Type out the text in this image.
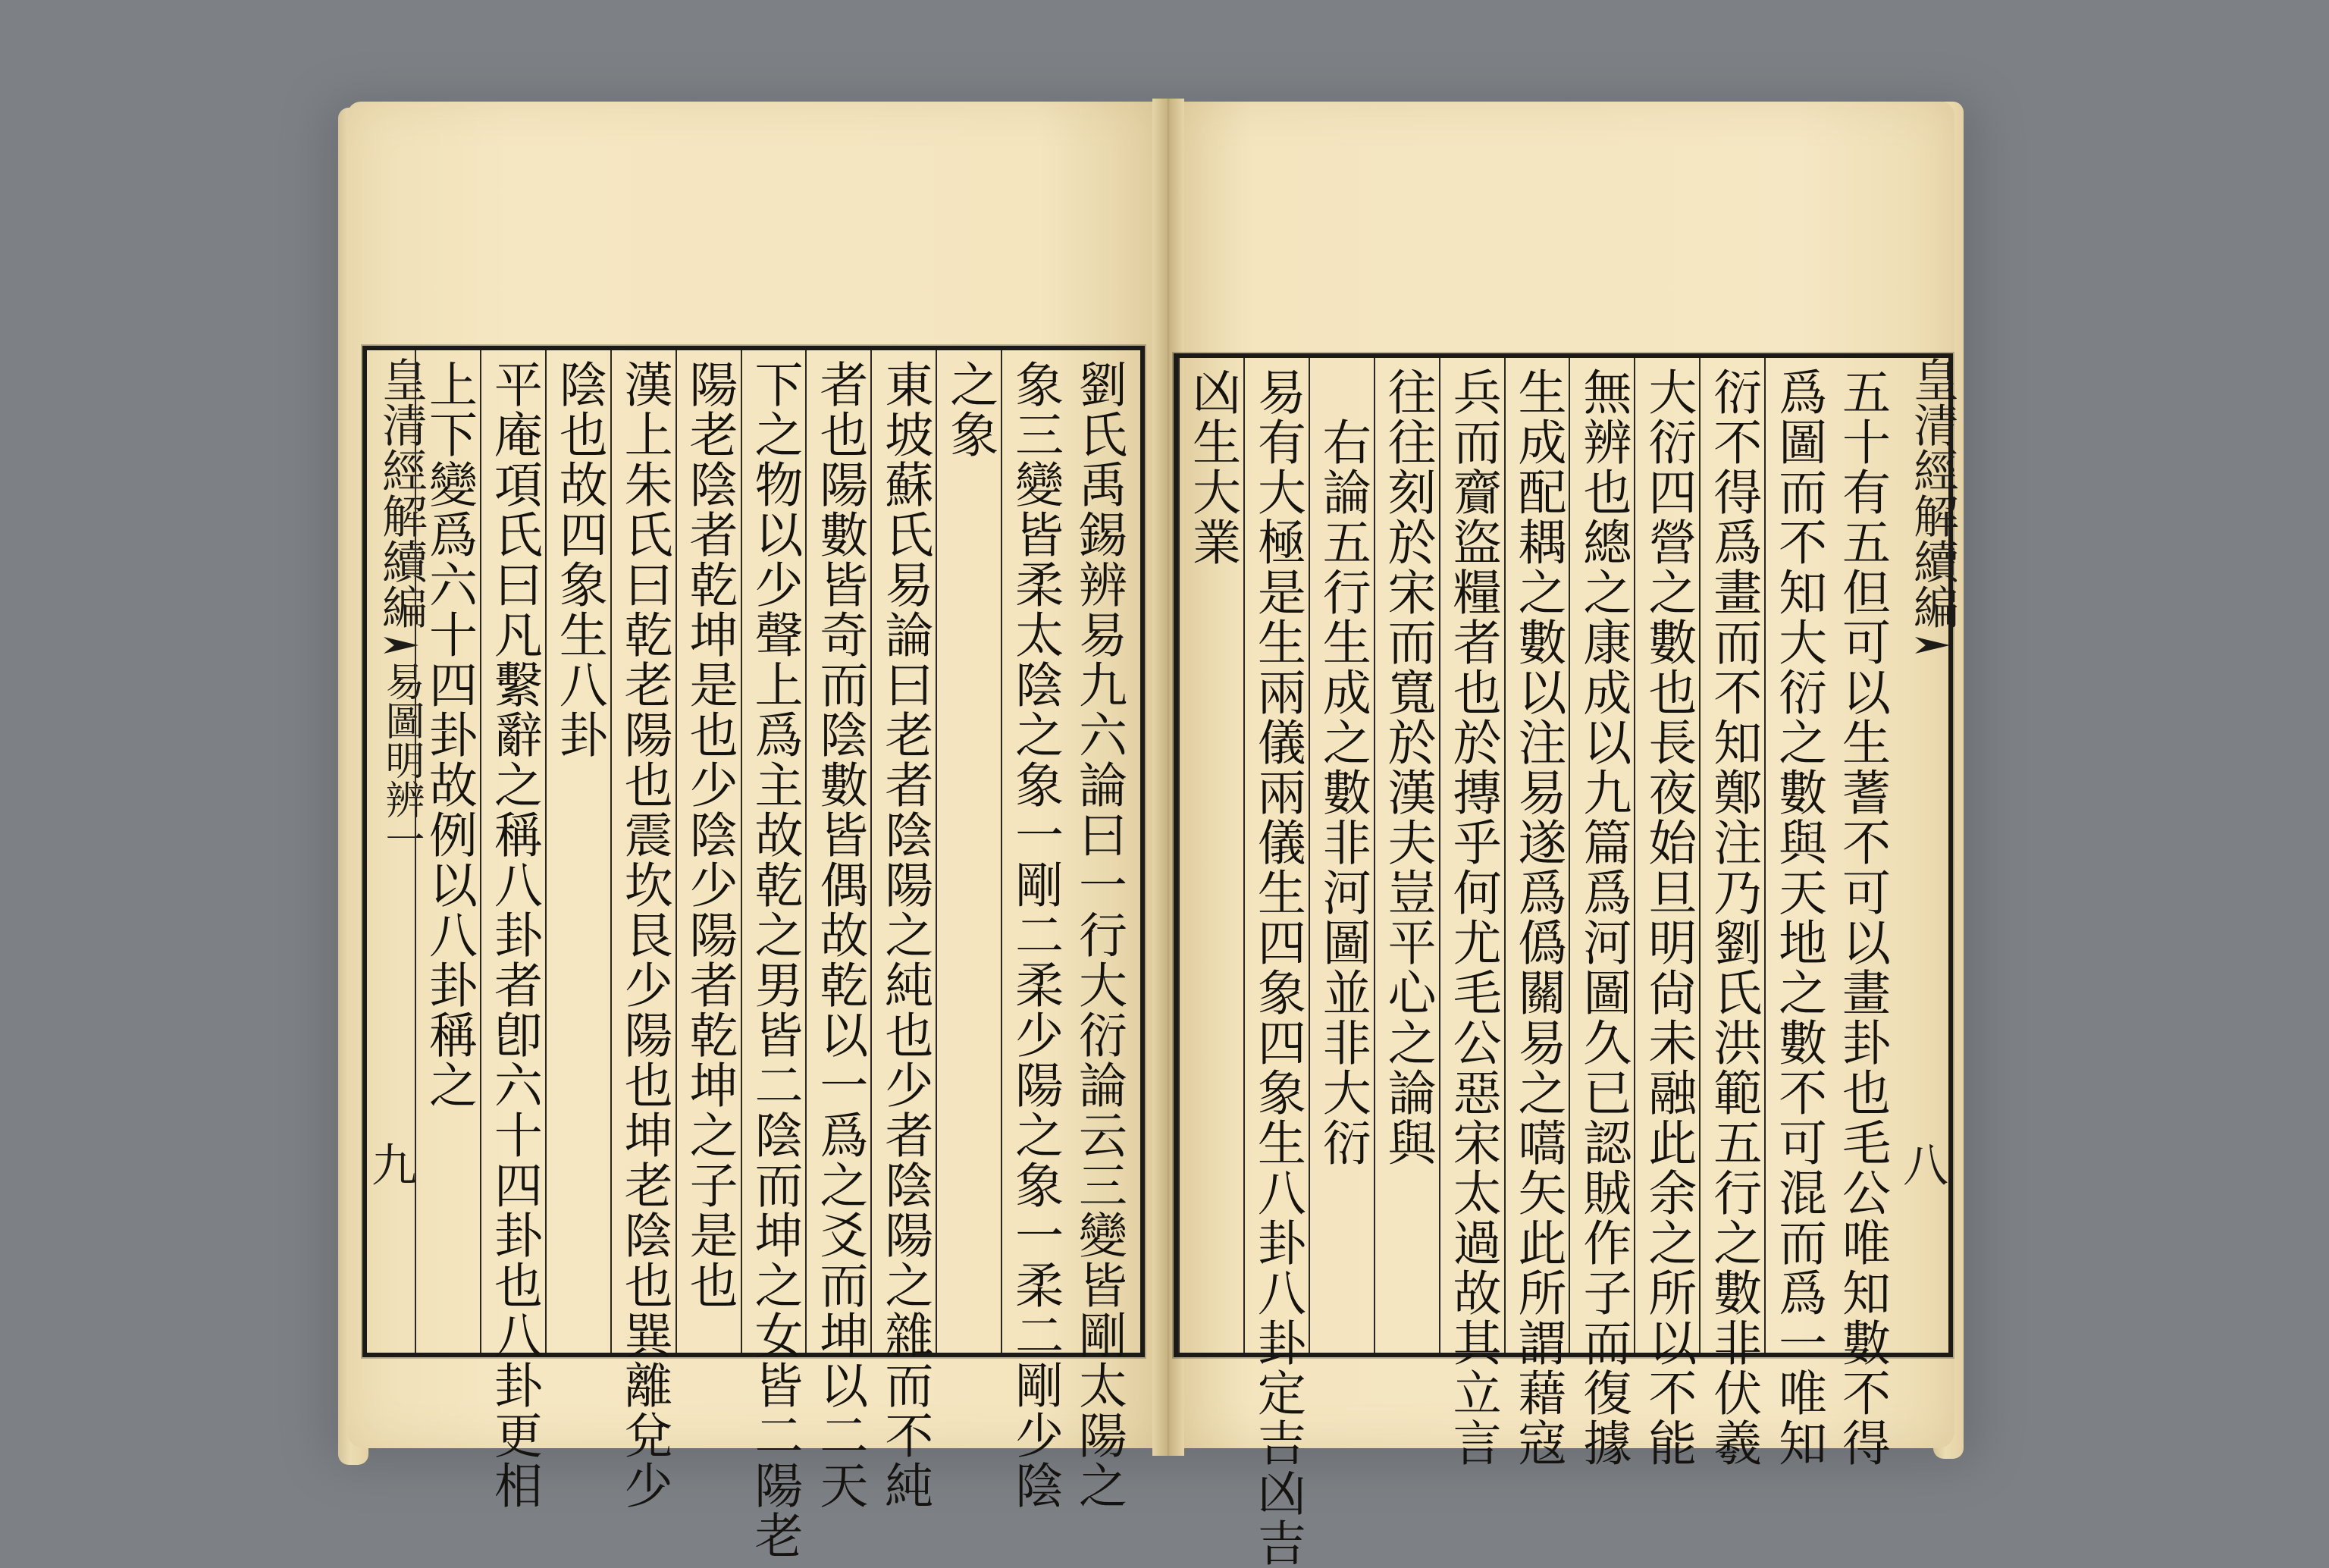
皇清經解續編易圖明辨一
九	劉氏禹錫辨易九六論曰一行大衍論云三變皆剛太陽之
象三變皆柔太陰之象一剛二柔少陽之象一柔二剛少陰
之象
東坡蘇氏易論曰老者陰陽之純也少者陰陽之雜而不純
者也陽數皆奇而陰數皆偶故乾以一爲之爻而坤以二天
下之物以少聲上爲主故乾之男皆二陰而坤之女皆二陽老
陽老陰者乾坤是也少陰少陽者乾坤之子是也
漢上朱氏曰乾老陽也震坎艮少陽也坤老陰也巽離兌少
陰也故四象生八卦
平庵項氏曰凡繫辭之稱八卦者卽六十四卦也八卦更相
上下變爲六十四卦故例以八卦稱之	五十有五但可以生蓍不可以畫卦也毛公唯知數不得
爲圖而不知大衍之數與天地之數不可混而爲一唯知
衍不得爲畫而不知鄭注乃劉氏洪範五行之數非伏羲
大衍四營之數也長夜始旦明尙未融此余之所以不能
無辨也總之康成以九篇爲河圖久已認賊作子而復據
生成配耦之數以注易遂爲僞關易之嚆矢此所謂藉寇
兵而齎盜糧者也於摶乎何尤毛公惡宋太過故其立言
往往刻於宋而寬於漢夫豈平心之論與
右論五行生成之數非河圖並非大衍
易有大極是生兩儀兩儀生四象四象生八卦八卦定吉凶吉
凶生大業	皇清經解續編
八
